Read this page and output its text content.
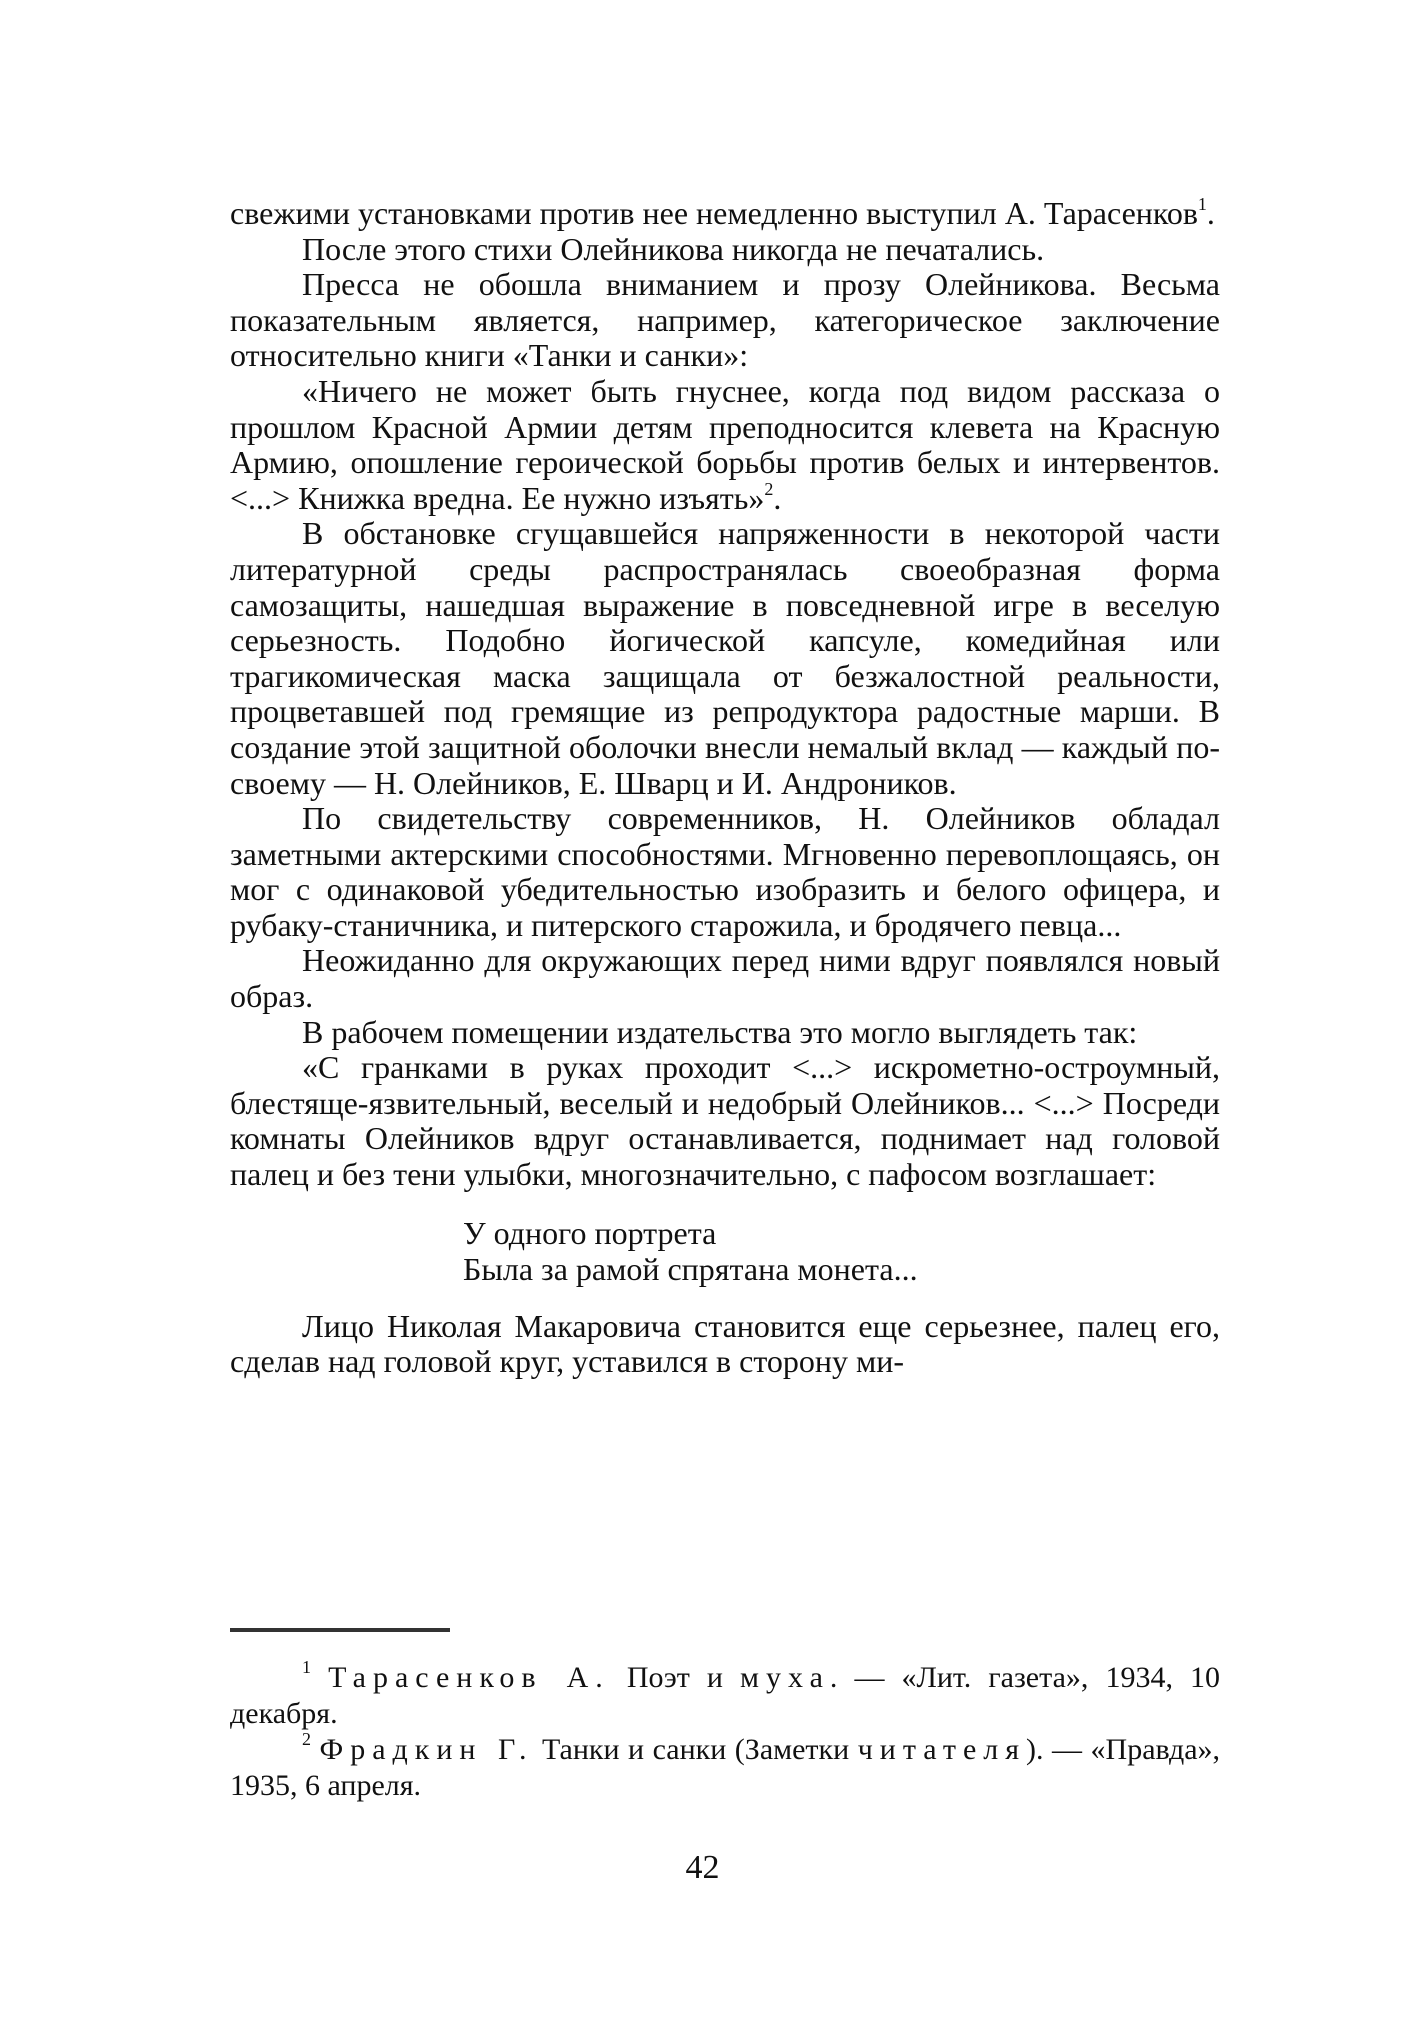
свежими установками против нее немедленно выступил А. Тарасенков$^1$.

После этого стихи Олейникова никогда не печатались.

Пресса не обошла вниманием и прозу Олейникова. Весьма показательным является, например, категорическое заключение относительно книги «Танки и санки»:

«Ничего не может быть гнуснее, когда под видом рассказа о прошлом Красной Армии детям преподносится клевета на Красную Армию, опошление героической борьбы против белых и интервентов. <...> Книжка вредна. Ее нужно изъять»$^2$.

В обстановке сгущавшейся напряженности в некоторой части литературной среды распространялась своеобразная форма самозащиты, нашедшая выражение в повседневной игре в веселую серьезность. Подобно йогической капсуле, комедийная или трагикомическая маска защищала от безжалостной реальности, процветавшей под гремящие из репродуктора радостные марши. В создание этой защитной оболочки внесли немалый вклад — каждый по-своему — Н. Олейников, Е. Шварц и И. Андроников.

По свидетельству современников, Н. Олейников обладал заметными актерскими способностями. Мгновенно перевоплощаясь, он мог с одинаковой убедительностью изобразить и белого офицера, и рубаку-станичника, и питерского старожила, и бродячего певца...

Неожиданно для окружающих перед ними вдруг появлялся новый образ.

В рабочем помещении издательства это могло выглядеть так:

«С гранками в руках проходит <...> искрометно-остроумный, блестяще-язвительный, веселый и недобрый Олейников... <...> Посреди комнаты Олейников вдруг останавливается, поднимает над головой палец и без тени улыбки, многозначительно, с пафосом возглашает:

У одного портрета
Была за рамой спрятана монета...

Лицо Николая Макаровича становится еще серьезнее, палец его, сделав над головой круг, уставился в сторону ми-

$^1$ Тарасенков А. Поэт и муха. — «Лит. газета», 1934, 10 декабря.

$^2$ Фрадкин Г. Танки и санки (Заметки читателя). — «Правда», 1935, 6 апреля.

42
